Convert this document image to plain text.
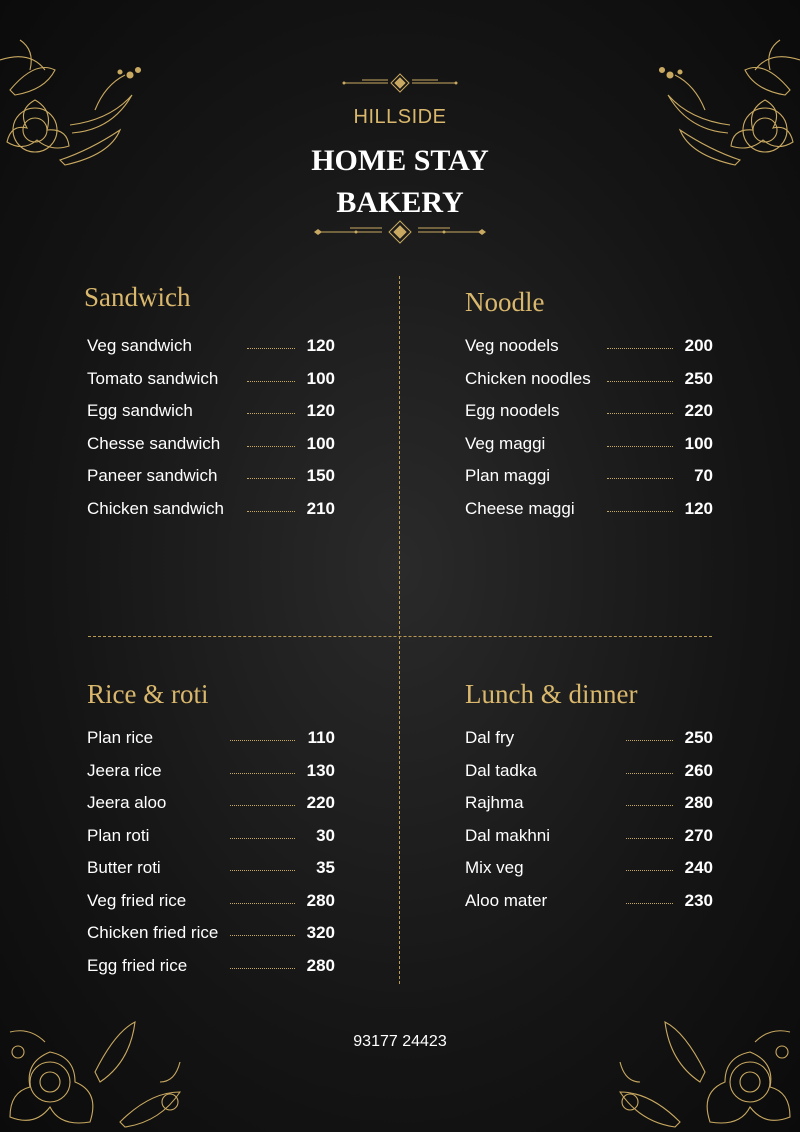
HILLSIDE
HOME STAY
BAKERY
Sandwich
Veg sandwich	120
Tomato sandwich	100
Egg sandwich	120
Chesse sandwich	100
Paneer sandwich	150
Chicken sandwich	210
Noodle
Veg noodels	200
Chicken noodles	250
Egg noodels	220
Veg maggi	100
Plan maggi	70
Cheese maggi	120
Rice & roti
Plan rice	110
Jeera rice	130
Jeera aloo	220
Plan roti	30
Butter roti	35
Veg fried rice	280
Chicken fried rice	320
Egg fried rice	280
Lunch & dinner
Dal fry	250
Dal tadka	260
Rajhma	280
Dal makhni	270
Mix veg	240
Aloo mater	230
93177 24423
